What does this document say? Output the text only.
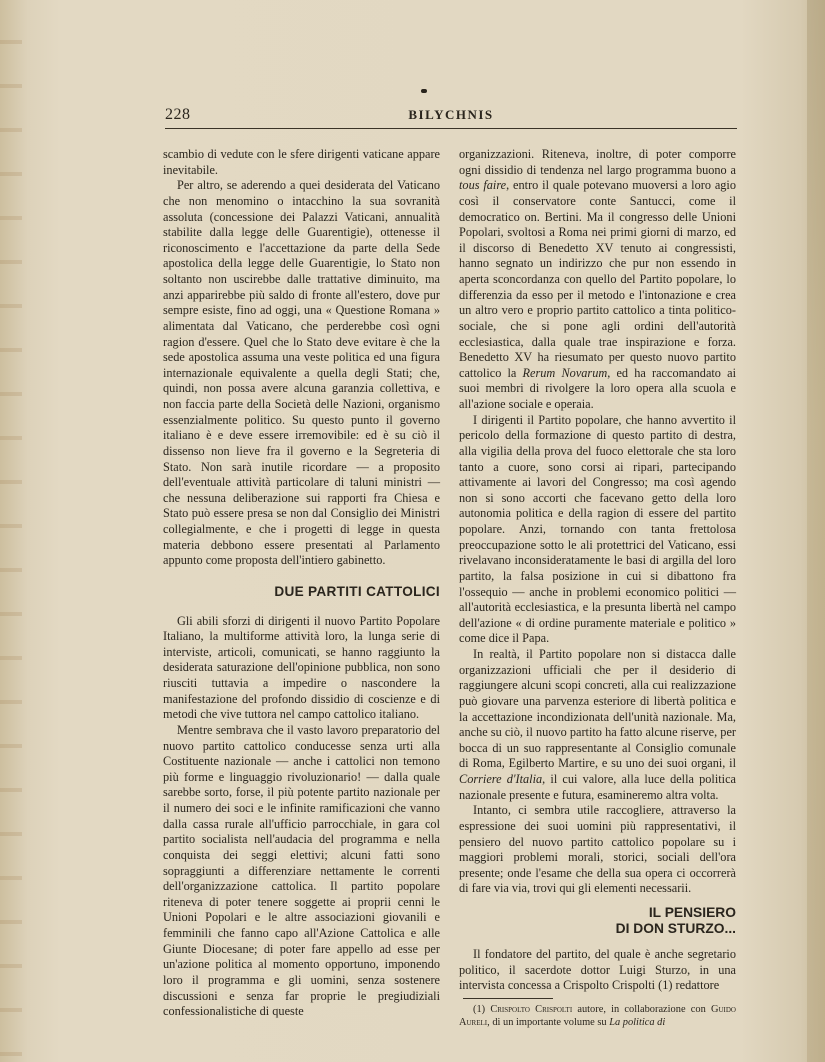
228	BILYCHNIS

scambio di vedute con le sfere dirigenti vaticane appare inevitabile.

Per altro, se aderendo a quei desiderata del Vaticano che non menomino o intacchino la sua sovranità assoluta (concessione dei Palazzi Vaticani, annualità stabilite dalla legge delle Guarentigie), ottenesse il riconoscimento e l'accettazione da parte della Sede apostolica della legge delle Guarentigie, lo Stato non soltanto non uscirebbe dalle trattative diminuito, ma anzi apparirebbe più saldo di fronte all'estero, dove pur sempre esiste, fino ad oggi, una « Questione Romana » alimentata dal Vaticano, che perderebbe così ogni ragion d'essere. Quel che lo Stato deve evitare è che la sede apostolica assuma una veste politica ed una figura internazionale equivalente a quella degli Stati; che, quindi, non possa avere alcuna garanzia collettiva, e non faccia parte della Società delle Nazioni, organismo essenzialmente politico. Su questo punto il governo italiano è e deve essere irremovibile: ed è su ciò il dissenso non lieve fra il governo e la Segreteria di Stato. Non sarà inutile ricordare — a proposito dell'eventuale attività particolare di taluni ministri — che nessuna deliberazione sui rapporti fra Chiesa e Stato può essere presa se non dal Consiglio dei Ministri collegialmente, e che i progetti di legge in questa materia debbono essere presentati al Parlamento appunto come proposta dell'intiero gabinetto.

DUE PARTITI CATTOLICI

Gli abili sforzi di dirigenti il nuovo Partito Popolare Italiano, la multiforme attività loro, la lunga serie di interviste, articoli, comunicati, se hanno raggiunto la desiderata saturazione dell'opinione pubblica, non sono riusciti tuttavia a impedire o nascondere la manifestazione del profondo dissidio di coscienze e di metodi che vive tuttora nel campo cattolico italiano.

Mentre sembrava che il vasto lavoro preparatorio del nuovo partito cattolico conducesse senza urti alla Costituente nazionale — anche i cattolici non temono più forme e linguaggio rivoluzionario! — dalla quale sarebbe sorto, forse, il più potente partito nazionale per il numero dei soci e le infinite ramificazioni che vanno dalla cassa rurale all'ufficio parrocchiale, in gara col partito socialista nell'audacia del programma e nella conquista dei seggi elettivi; alcuni fatti sono sopraggiunti a differenziare nettamente le correnti dell'organizzazione cattolica. Il partito popolare riteneva di poter tenere soggette ai proprii cenni le Unioni Popolari e le altre associazioni giovanili e femminili che fanno capo all'Azione Cattolica e alle Giunte Diocesane; di poter fare appello ad esse per un'azione politica al momento opportuno, imponendo loro il programma e gli uomini, senza sostenere discussioni e senza far proprie le pregiudiziali confessionalistiche di queste

organizzazioni. Riteneva, inoltre, di poter comporre ogni dissidio di tendenza nel largo programma buono a tous faire, entro il quale potevano muoversi a loro agio così il conservatore conte Santucci, come il democratico on. Bertini. Ma il congresso delle Unioni Popolari, svoltosi a Roma nei primi giorni di marzo, ed il discorso di Benedetto XV tenuto ai congressisti, hanno segnato un indirizzo che pur non essendo in aperta sconcordanza con quello del Partito popolare, lo differenzia da esso per il metodo e l'intonazione e crea un altro vero e proprio partito cattolico a tinta politico-sociale, che si pone agli ordini dell'autorità ecclesiastica, dalla quale trae inspirazione e forza. Benedetto XV ha riesumato per questo nuovo partito cattolico la Rerum Novarum, ed ha raccomandato ai suoi membri di rivolgere la loro opera alla scuola e all'azione sociale e operaia.

I dirigenti il Partito popolare, che hanno avvertito il pericolo della formazione di questo partito di destra, alla vigilia della prova del fuoco elettorale che sta loro tanto a cuore, sono corsi ai ripari, partecipando attivamente ai lavori del Congresso; ma così agendo non si sono accorti che facevano getto della loro autonomia politica e della ragion di essere del partito popolare. Anzi, tornando con tanta frettolosa preoccupazione sotto le ali protettrici del Vaticano, essi rivelavano inconsideratamente le basi di argilla del loro partito, la falsa posizione in cui si dibattono fra l'ossequio — anche in problemi economico politici — all'autorità ecclesiastica, e la presunta libertà nel campo dell'azione « di ordine puramente materiale e politico » come dice il Papa.

In realtà, il Partito popolare non si distacca dalle organizzazioni ufficiali che per il desiderio di raggiungere alcuni scopi concreti, alla cui realizzazione può giovare una parvenza esteriore di libertà politica e la accettazione incondizionata dell'unità nazionale. Ma, anche su ciò, il nuovo partito ha fatto alcune riserve, per bocca di un suo rappresentante al Consiglio comunale di Roma, Egilberto Martire, e su uno dei suoi organi, il Corriere d'Italia, il cui valore, alla luce della politica nazionale presente e futura, esamineremo altra volta.

Intanto, ci sembra utile raccogliere, attraverso la espressione dei suoi uomini più rappresentativi, il pensiero del nuovo partito cattolico popolare su i maggiori problemi morali, storici, sociali dell'ora presente; onde l'esame che della sua opera ci occorrerà di fare via via, trovi qui gli elementi necessarii.

IL PENSIERO
DI DON STURZO...

Il fondatore del partito, del quale è anche segretario politico, il sacerdote dottor Luigi Sturzo, in una intervista concessa a Crispolto Crispolti (1) redattore

(1) Crispolto Crispolti autore, in collaborazione con Guido Aureli, di un importante volume su La politica di
